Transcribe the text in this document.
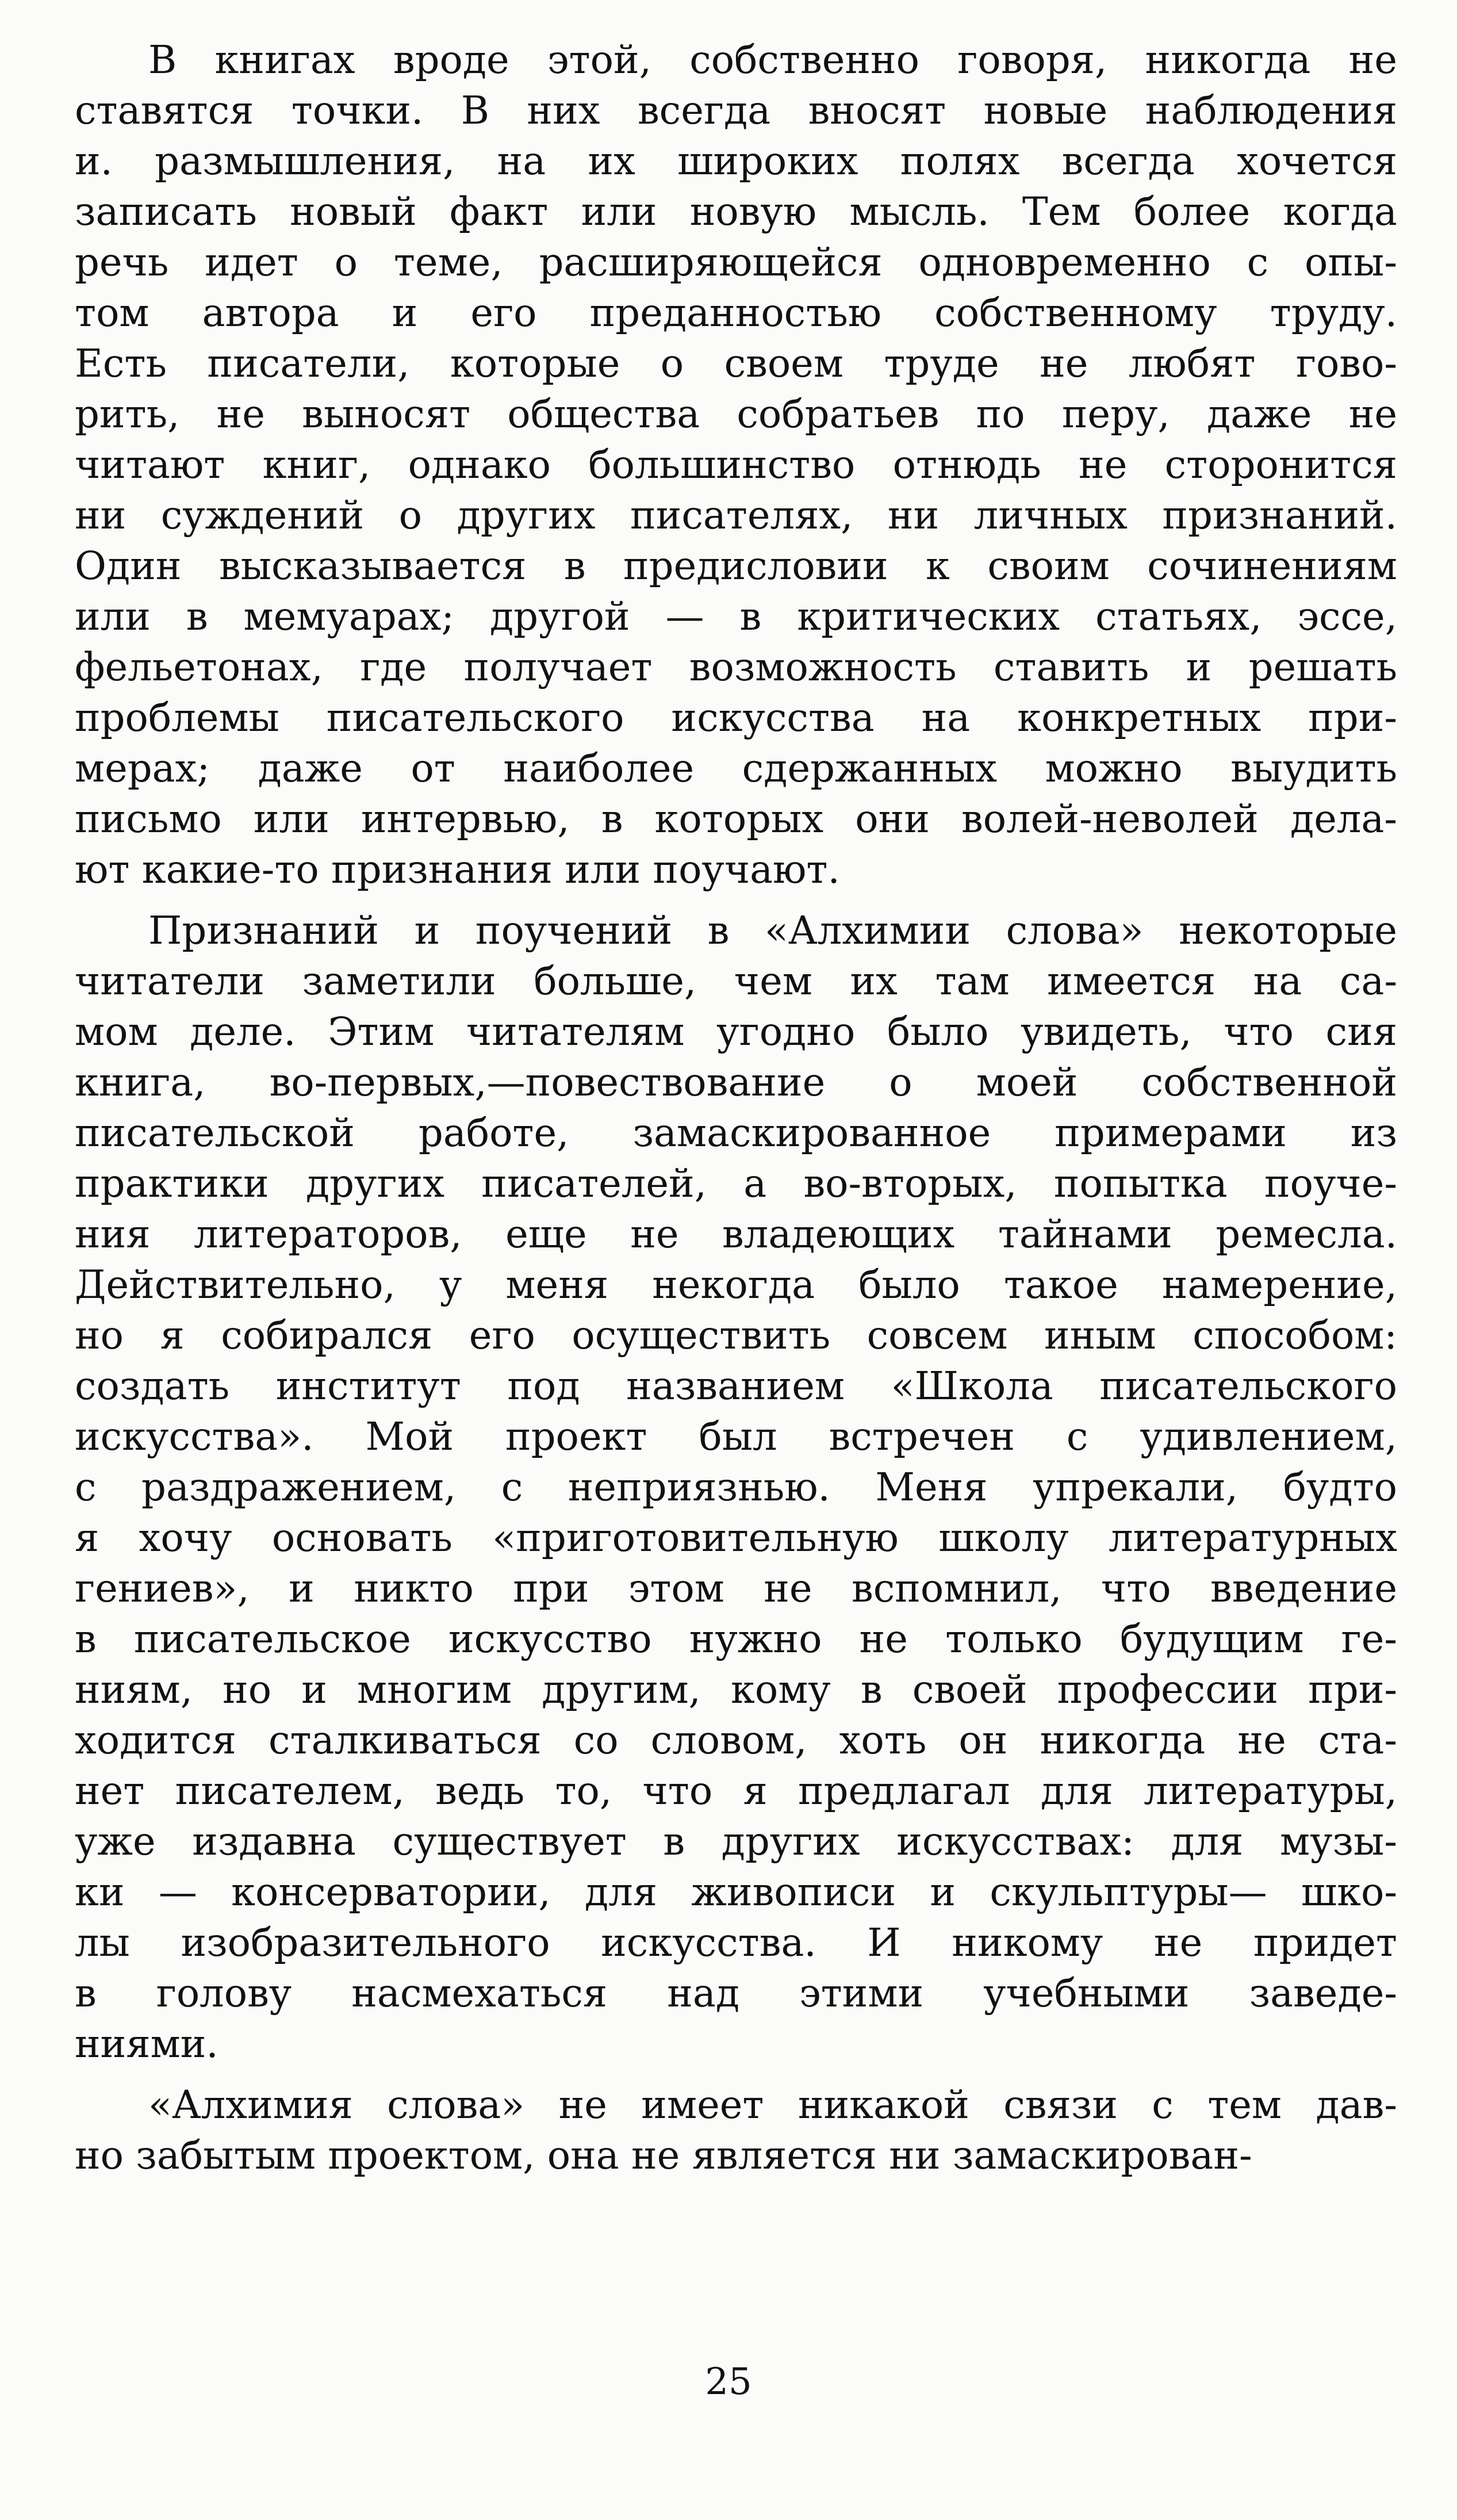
В книгах вроде этой, собственно говоря, никогда не
ставятся точки. В них всегда вносят новые наблюдения
и. размышления, на их широких полях всегда хочется
записать новый факт или новую мысль. Тем более когда
речь идет о теме, расширяющейся одновременно с опы-
том автора и его преданностью собственному труду.
Есть писатели, которые о своем труде не любят гово-
рить, не выносят общества собратьев по перу, даже не
читают книг, однако большинство отнюдь не сторонится
ни суждений о других писателях, ни личных признаний.
Один высказывается в предисловии к своим сочинениям
или в мемуарах; другой — в критических статьях, эссе,
фельетонах, где получает возможность ставить и решать
проблемы писательского искусства на конкретных при-
мерах; даже от наиболее сдержанных можно выудить
письмо или интервью, в которых они волей-неволей дела-
ют какие-то признания или поучают.
Признаний и поучений в «Алхимии слова» некоторые
читатели заметили больше, чем их там имеется на са-
мом деле. Этим читателям угодно было увидеть, что сия
книга, во-первых,—повествование о моей собственной
писательской работе, замаскированное примерами из
практики других писателей, а во-вторых, попытка поуче-
ния литераторов, еще не владеющих тайнами ремесла.
Действительно, у меня некогда было такое намерение,
но я собирался его осуществить совсем иным способом:
создать институт под названием «Школа писательского
искусства». Мой проект был встречен с удивлением,
с раздражением, с неприязнью. Меня упрекали, будто
я хочу основать «приготовительную школу литературных
гениев», и никто при этом не вспомнил, что введение
в писательское искусство нужно не только будущим ге-
ниям, но и многим другим, кому в своей профессии при-
ходится сталкиваться со словом, хоть он никогда не ста-
нет писателем, ведь то, что я предлагал для литературы,
уже издавна существует в других искусствах: для музы-
ки — консерватории, для живописи и скульптуры— шко-
лы изобразительного искусства. И никому не придет
в голову насмехаться над этими учебными заведе-
ниями.
«Алхимия слова» не имеет никакой связи с тем дав-
но забытым проектом, она не является ни замаскирован-
25
